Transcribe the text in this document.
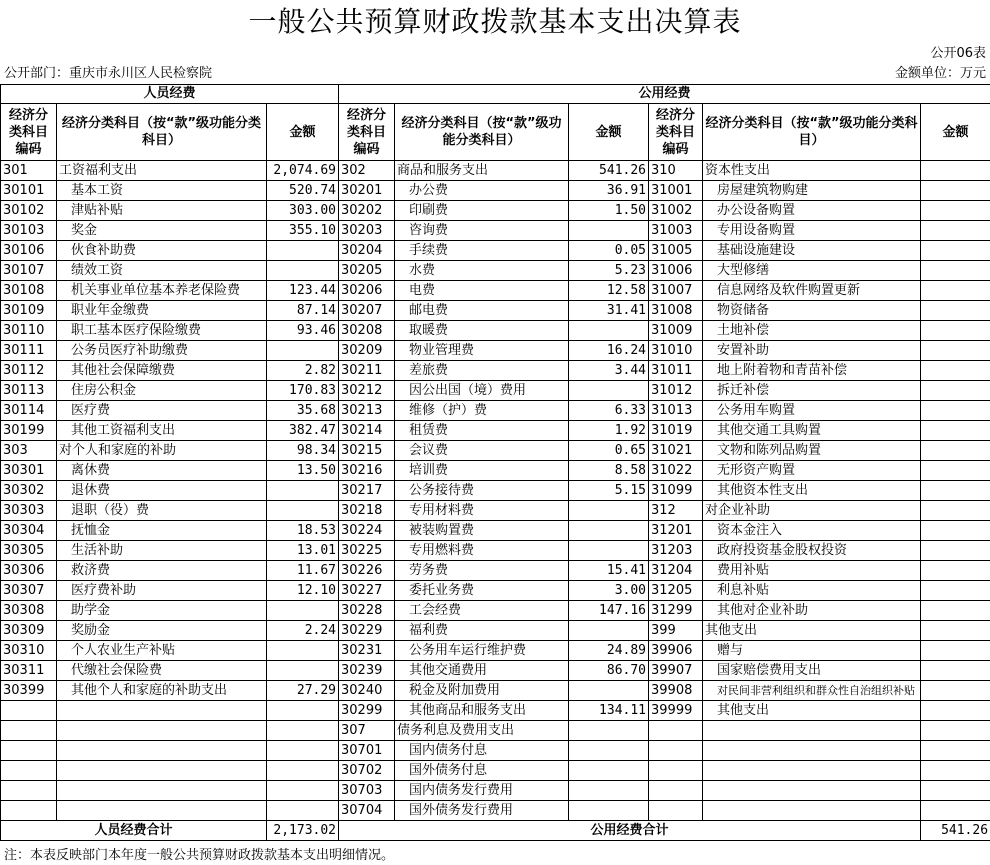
一般公共预算财政拨款基本支出决算表
公开06表
公开部门：重庆市永川区人民检察院	金额单位：万元
人员经费			公用经费					
经济分类科目编码	经济分类科目（按“款”级功能分类科目）	金额	经济分类科目编码	经济分类科目（按“款”级功能分类科目）	金额	经济分类科目编码	经济分类科目（按“款”级功能分类科目）	金额
301	工资福利支出	2,074.69	302	商品和服务支出	541.26	310	资本性支出	
30101	基本工资	520.74	30201	办公费	36.91	31001	房屋建筑物购建	
30102	津贴补贴	303.00	30202	印刷费	1.50	31002	办公设备购置	
30103	奖金	355.10	30203	咨询费		31003	专用设备购置	
30106	伙食补助费		30204	手续费	0.05	31005	基础设施建设	
30107	绩效工资		30205	水费	5.23	31006	大型修缮	
30108	机关事业单位基本养老保险费	123.44	30206	电费	12.58	31007	信息网络及软件购置更新	
30109	职业年金缴费	87.14	30207	邮电费	31.41	31008	物资储备	
30110	职工基本医疗保险缴费	93.46	30208	取暖费		31009	土地补偿	
30111	公务员医疗补助缴费		30209	物业管理费	16.24	31010	安置补助	
30112	其他社会保障缴费	2.82	30211	差旅费	3.44	31011	地上附着物和青苗补偿	
30113	住房公积金	170.83	30212	因公出国（境）费用		31012	拆迁补偿	
30114	医疗费	35.68	30213	维修（护）费	6.33	31013	公务用车购置	
30199	其他工资福利支出	382.47	30214	租赁费	1.92	31019	其他交通工具购置	
303	对个人和家庭的补助	98.34	30215	会议费	0.65	31021	文物和陈列品购置	
30301	离休费	13.50	30216	培训费	8.58	31022	无形资产购置	
30302	退休费		30217	公务接待费	5.15	31099	其他资本性支出	
30303	退职（役）费		30218	专用材料费		312	对企业补助	
30304	抚恤金	18.53	30224	被装购置费		31201	资本金注入	
30305	生活补助	13.01	30225	专用燃料费		31203	政府投资基金股权投资	
30306	救济费	11.67	30226	劳务费	15.41	31204	费用补贴	
30307	医疗费补助	12.10	30227	委托业务费	3.00	31205	利息补贴	
30308	助学金		30228	工会经费	147.16	31299	其他对企业补助	
30309	奖励金	2.24	30229	福利费		399	其他支出	
30310	个人农业生产补贴		30231	公务用车运行维护费	24.89	39906	赠与	
30311	代缴社会保险费		30239	其他交通费用	86.70	39907	国家赔偿费用支出	
30399	其他个人和家庭的补助支出	27.29	30240	税金及附加费用		39908	对民间非营利组织和群众性自治组织补贴	
			30299	其他商品和服务支出	134.11	39999	其他支出	
			307	债务利息及费用支出				
			30701	国内债务付息				
			30702	国外债务付息				
			30703	国内债务发行费用				
			30704	国外债务发行费用				
人员经费合计		2,173.02	公用经费合计					541.26
注：本表反映部门本年度一般公共预算财政拨款基本支出明细情况。
